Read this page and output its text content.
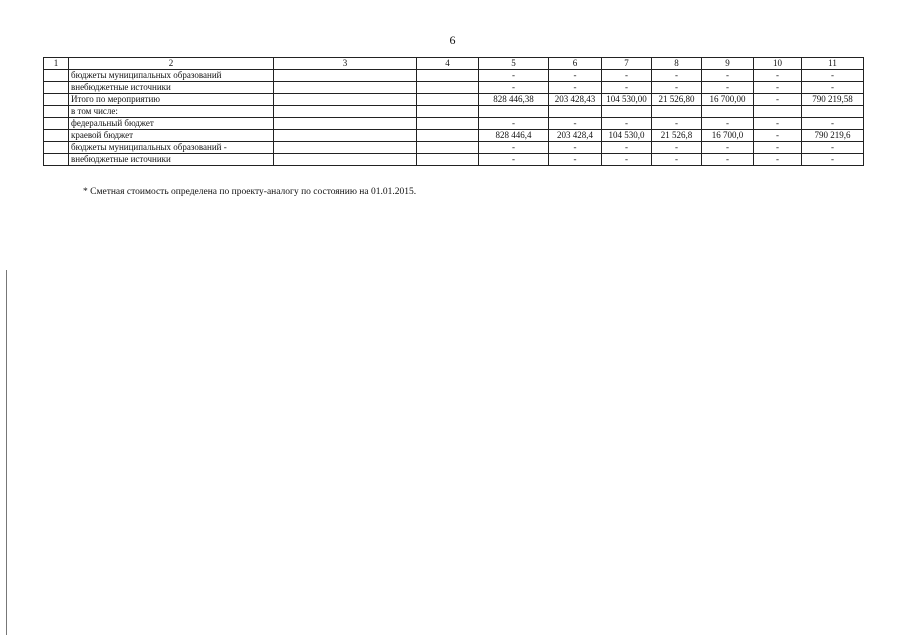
6
1	2	3	4	5	6	7	8	9	10	11
	бюджеты муниципальных образований			-	-	-	-	-	-	-
	внебюджетные источники			-	-	-	-	-	-	-
	Итого по мероприятию			828 446,38	203 428,43	104 530,00	21 526,80	16 700,00	-	790 219,58
	в том числе:									
	федеральный бюджет			-	-	-	-	-	-	-
	краевой бюджет			828 446,4	203 428,4	104 530,0	21 526,8	16 700,0	-	790 219,6
	бюджеты муниципальных образований -			-	-	-	-	-	-	-
	внебюджетные источники			-	-	-	-	-	-	-
* Сметная стоимость определена по проекту-аналогу по состоянию на 01.01.2015.
